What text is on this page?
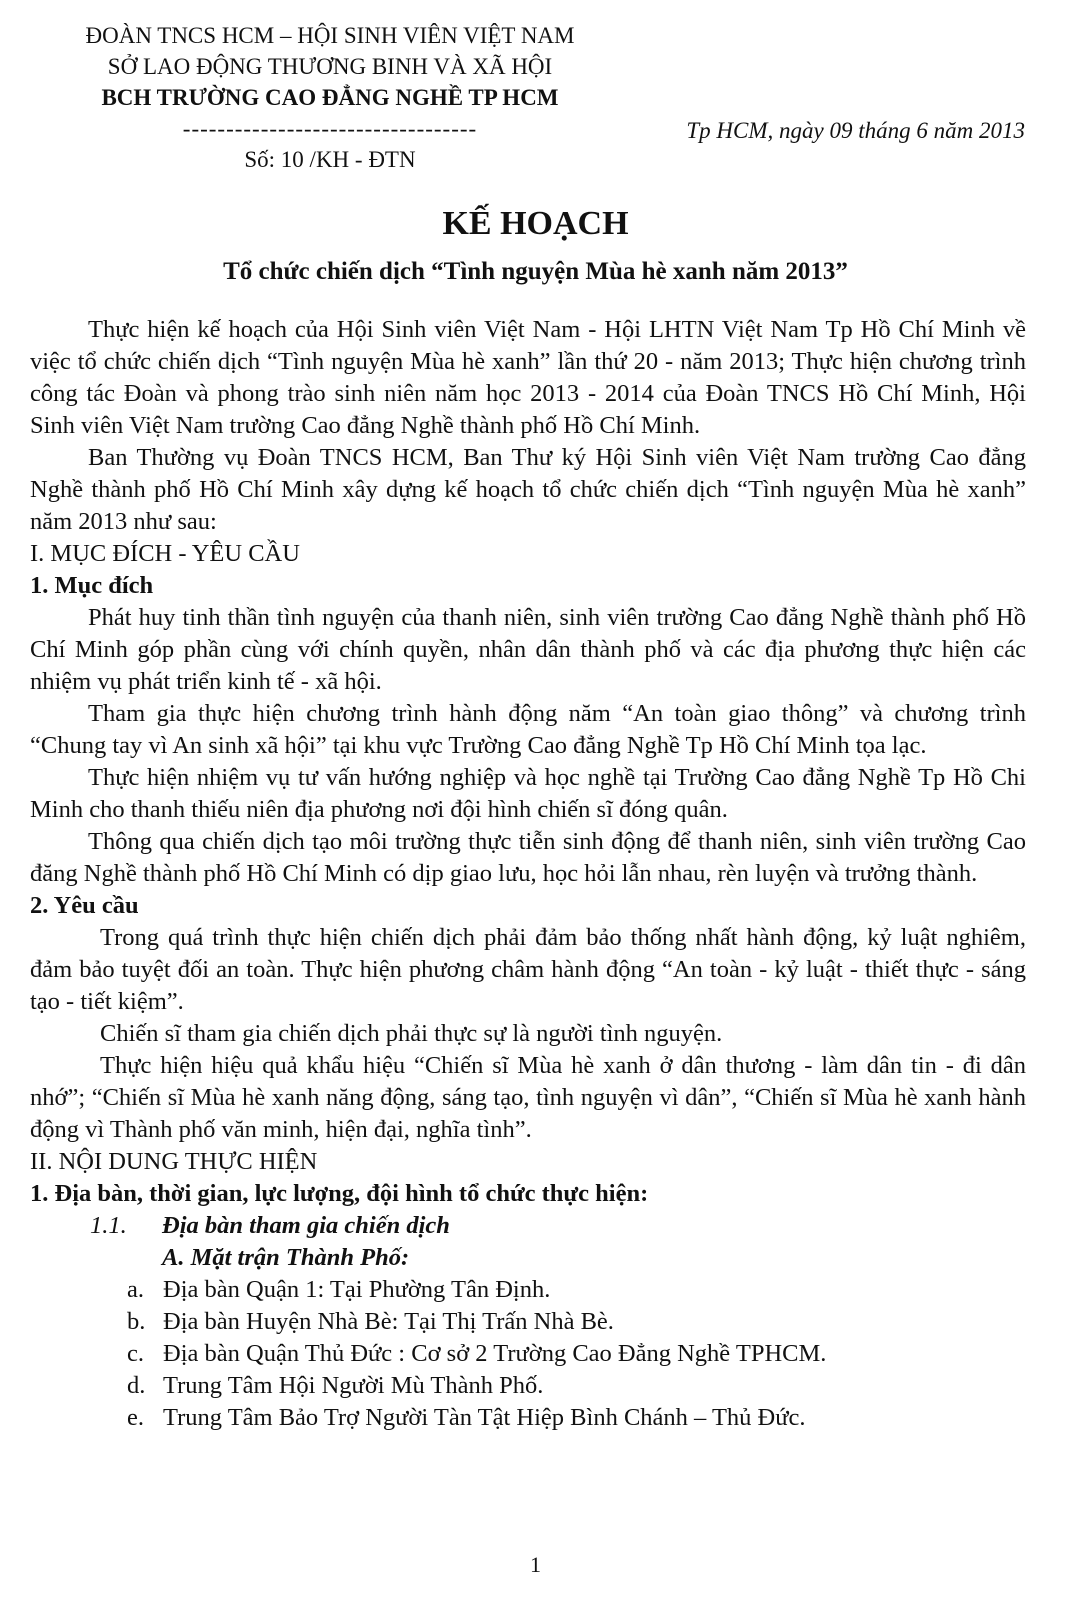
ĐOÀN TNCS HCM – HỘI SINH VIÊN VIỆT NAM
SỞ LAO ĐỘNG THƯƠNG BINH VÀ XÃ HỘI
BCH TRƯỜNG CAO ĐẲNG NGHỀ TP HCM
----------------------------------
Số: 10 /KH - ĐTN
Tp HCM, ngày 09 tháng 6 năm 2013
KẾ HOẠCH
Tổ chức chiến dịch “Tình nguyện Mùa hè xanh năm 2013”

Thực hiện kế hoạch của Hội Sinh viên Việt Nam - Hội LHTN Việt Nam Tp Hồ Chí Minh về việc tổ chức chiến dịch “Tình nguyện Mùa hè xanh” lần thứ 20 - năm 2013; Thực hiện chương trình công tác Đoàn và phong trào sinh niên năm học 2013 - 2014 của Đoàn TNCS Hồ Chí Minh, Hội Sinh viên Việt Nam trường Cao đẳng Nghề thành phố Hồ Chí Minh.

Ban Thường vụ Đoàn TNCS HCM, Ban Thư ký Hội Sinh viên Việt Nam trường Cao đẳng Nghề thành phố Hồ Chí Minh xây dựng kế hoạch tổ chức chiến dịch “Tình nguyện Mùa hè xanh” năm 2013 như sau:

I. MỤC ĐÍCH - YÊU CẦU

1. Mục đích

Phát huy tinh thần tình nguyện của thanh niên, sinh viên trường Cao đẳng Nghề thành phố Hồ Chí Minh góp phần cùng với chính quyền, nhân dân thành phố và các địa phương thực hiện các nhiệm vụ phát triển kinh tế - xã hội.

Tham gia thực hiện chương trình hành động năm “An toàn giao thông” và chương trình “Chung tay vì An sinh xã hội” tại khu vực Trường Cao đẳng Nghề Tp Hồ Chí Minh tọa lạc.

Thực hiện nhiệm vụ tư vấn hướng nghiệp và học nghề tại Trường Cao đẳng Nghề Tp Hồ Chi Minh cho thanh thiếu niên địa phương nơi đội hình chiến sĩ đóng quân.

Thông qua chiến dịch tạo môi trường thực tiễn sinh động để thanh niên, sinh viên trường Cao đăng Nghề thành phố Hồ Chí Minh có dịp giao lưu, học hỏi lẫn nhau, rèn luyện và trưởng thành.

2. Yêu cầu

Trong quá trình thực hiện chiến dịch phải đảm bảo thống nhất hành động, kỷ luật nghiêm, đảm bảo tuyệt đối an toàn. Thực hiện phương châm hành động “An toàn - kỷ luật - thiết thực - sáng tạo - tiết kiệm”.

Chiến sĩ tham gia chiến dịch phải thực sự là người tình nguyện.

Thực hiện hiệu quả khẩu hiệu “Chiến sĩ Mùa hè xanh ở dân thương - làm dân tin - đi dân nhớ”; “Chiến sĩ Mùa hè xanh năng động, sáng tạo, tình nguyện vì dân”, “Chiến sĩ Mùa hè xanh hành động vì Thành phố văn minh, hiện đại, nghĩa tình”.

II. NỘI DUNG THỰC HIỆN

1. Địa bàn, thời gian, lực lượng, đội hình tổ chức thực hiện:

1.1. Địa bàn tham gia chiến dịch

A. Mặt trận Thành Phố:

a. Địa bàn Quận 1: Tại Phường Tân Định.

b. Địa bàn Huyện Nhà Bè: Tại Thị Trấn Nhà Bè.

c. Địa bàn Quận Thủ Đức : Cơ sở 2 Trường Cao Đẳng Nghề TPHCM.

d. Trung Tâm Hội Người Mù Thành Phố.

e. Trung Tâm Bảo Trợ Người Tàn Tật Hiệp Bình Chánh – Thủ Đức.

1
